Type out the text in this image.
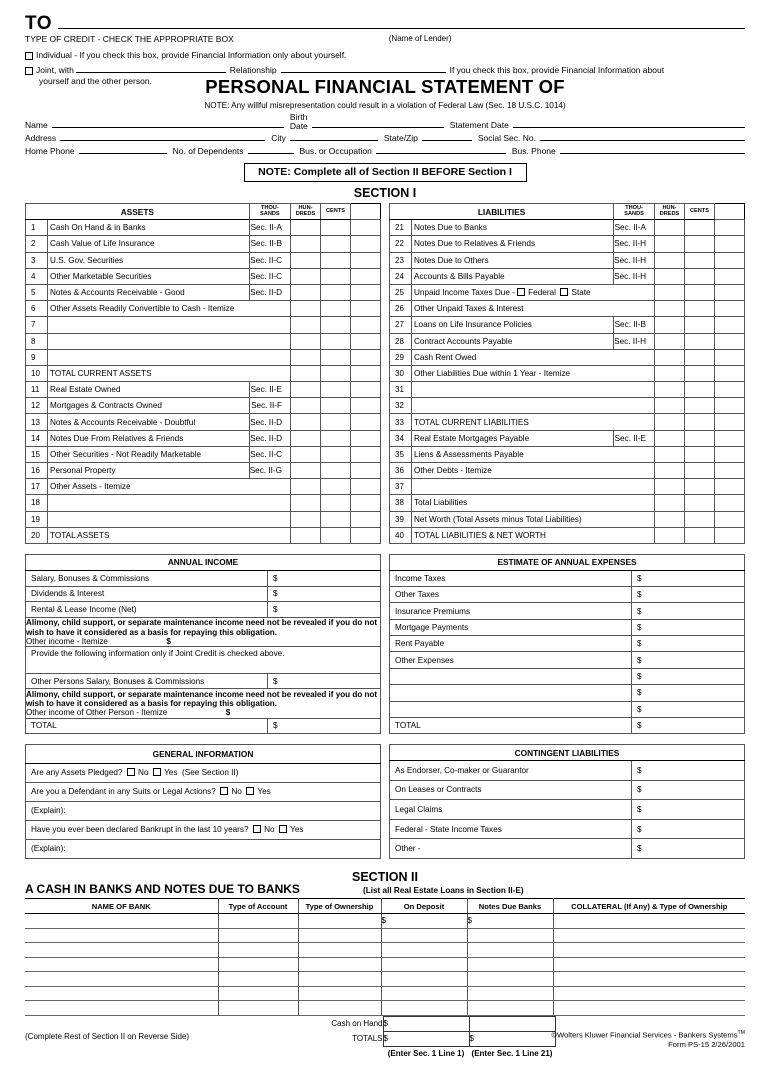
TO
TYPE OF CREDIT - CHECK THE APPROPRIATE BOX	(Name of Lender)
Individual - If you check this box, provide Financial Information only about yourself.
Joint, with	Relationship	If you check this box, provide Financial Information about
yourself and the other person.	PERSONAL FINANCIAL STATEMENT OF
NOTE: Any willful misrepresentation could result in a violation of Federal Law (Sec. 18 U.S.C. 1014)
Name
Birth
Date	Statement Date
Address	City	State/Zip	Social Sec. No.
Home Phone	No. of Dependents	Bus. or Occupation	Bus. Phone
NOTE: Complete all of Section II BEFORE Section I
SECTION I
ASSETS		THOU-
SANDS	HUN-
DREDS	CENTS	
1	Cash On Hand & in Banks	Sec. II-A			
2	Cash Value of Life Insurance	Sec. II-B			
3	U.S. Gov. Securities	Sec. II-C			
4	Other Marketable Securities	Sec. II-C			
5	Notes & Accounts Receivable - Good	Sec. II-D			
6	Other Assets Readily Convertible to Cash - Itemize				
7					
8					
9					
10	TOTAL CURRENT ASSETS				
11	Real Estate Owned	Sec. II-E			
12	Mortgages & Contracts Owned	Sec. II-F			
13	Notes & Accounts Receivable - Doubtful	Sec. II-D			
14	Notes Due From Relatives & Friends	Sec. II-D			
15	Other Securities - Not Readily Marketable	Sec. II-C			
16	Personal Property	Sec. II-G			
17	Other Assets - Itemize				
18					
19					
20	TOTAL ASSETS				
LIABILITIES		THOU-
SANDS	HUN-
DREDS	CENTS	
21	Notes Due to Banks	Sec. II-A			
22	Notes Due to Relatives & Friends	Sec. II-H			
23	Notes Due to Others	Sec. II-H			
24	Accounts & Bills Payable	Sec. II-H			
25	Unpaid Income Taxes Due - Federal State				
26	Other Unpaid Taxes & Interest				
27	Loans on Life Insurance Policies	Sec. II-B			
28	Contract Accounts Payable	Sec. II-H			
29	Cash Rent Owed				
30	Other Liabilities Due within 1 Year - Itemize				
31					
32					
33	TOTAL CURRENT LIABILITIES				
34	Real Estate Mortgages Payable	Sec. II-E			
35	Liens & Assessments Payable				
36	Other Debts - Itemize				
37					
38	Total Liabilities				
39	Net Worth (Total Assets minus Total Liabilities)				
40	TOTAL LIABILITIES & NET WORTH				
ANNUAL INCOME	
Salary, Bonuses & Commissions	$
Dividends & Interest	$
Rental & Lease Income (Net)	$
Alimony, child support, or separate maintenance income need not be revealed if you do not wish to have it considered as a basis for repaying this obligation.
Other income - Itemize $	
Provide the following information only if Joint Credit is checked above.	
Other Persons Salary, Bonuses & Commissions	$
Alimony, child support, or separate maintenance income need not be revealed if you do not wish to have it considered as a basis for repaying this obligation.
Other income of Other Person - Itemize $	
TOTAL	$
ESTIMATE OF ANNUAL EXPENSES	
Income Taxes	$
Other Taxes	$
Insurance Premiums	$
Mortgage Payments	$
Rent Payable	$
Other Expenses	$
	$
	$
	$
TOTAL	$
GENERAL INFORMATION
Are any Assets Pledged?  No Yes (See Section II)
Are you a Defendant in any Suits or Legal Actions?  No Yes
(Explain):
Have you ever been declared Bankrupt in the last 10 years?  No Yes
(Explain):
CONTINGENT LIABILITIES	
As Endorser, Co-maker or Guarantor	$
On Leases or Contracts	$
Legal Claims	$
Federal - State Income Taxes	$
Other -	$
SECTION II
A CASH IN BANKS AND NOTES DUE TO BANKS	(List all Real Estate Loans in Section II-E)
NAME OF BANK	Type of Account	Type of Ownership	On Deposit	Notes Due Banks	COLLATERAL (If Any) & Type of Ownership
			$	$	

(Complete Rest of Section II on Reverse Side)
Cash on Hand	$	
TOTALS	$	$
	(Enter Sec. 1 Line 1)	(Enter Sec. 1 Line 21)
©Wolters Kluwer Financial Services - Bankers Systems™
Form PS-15 2/26/2001
